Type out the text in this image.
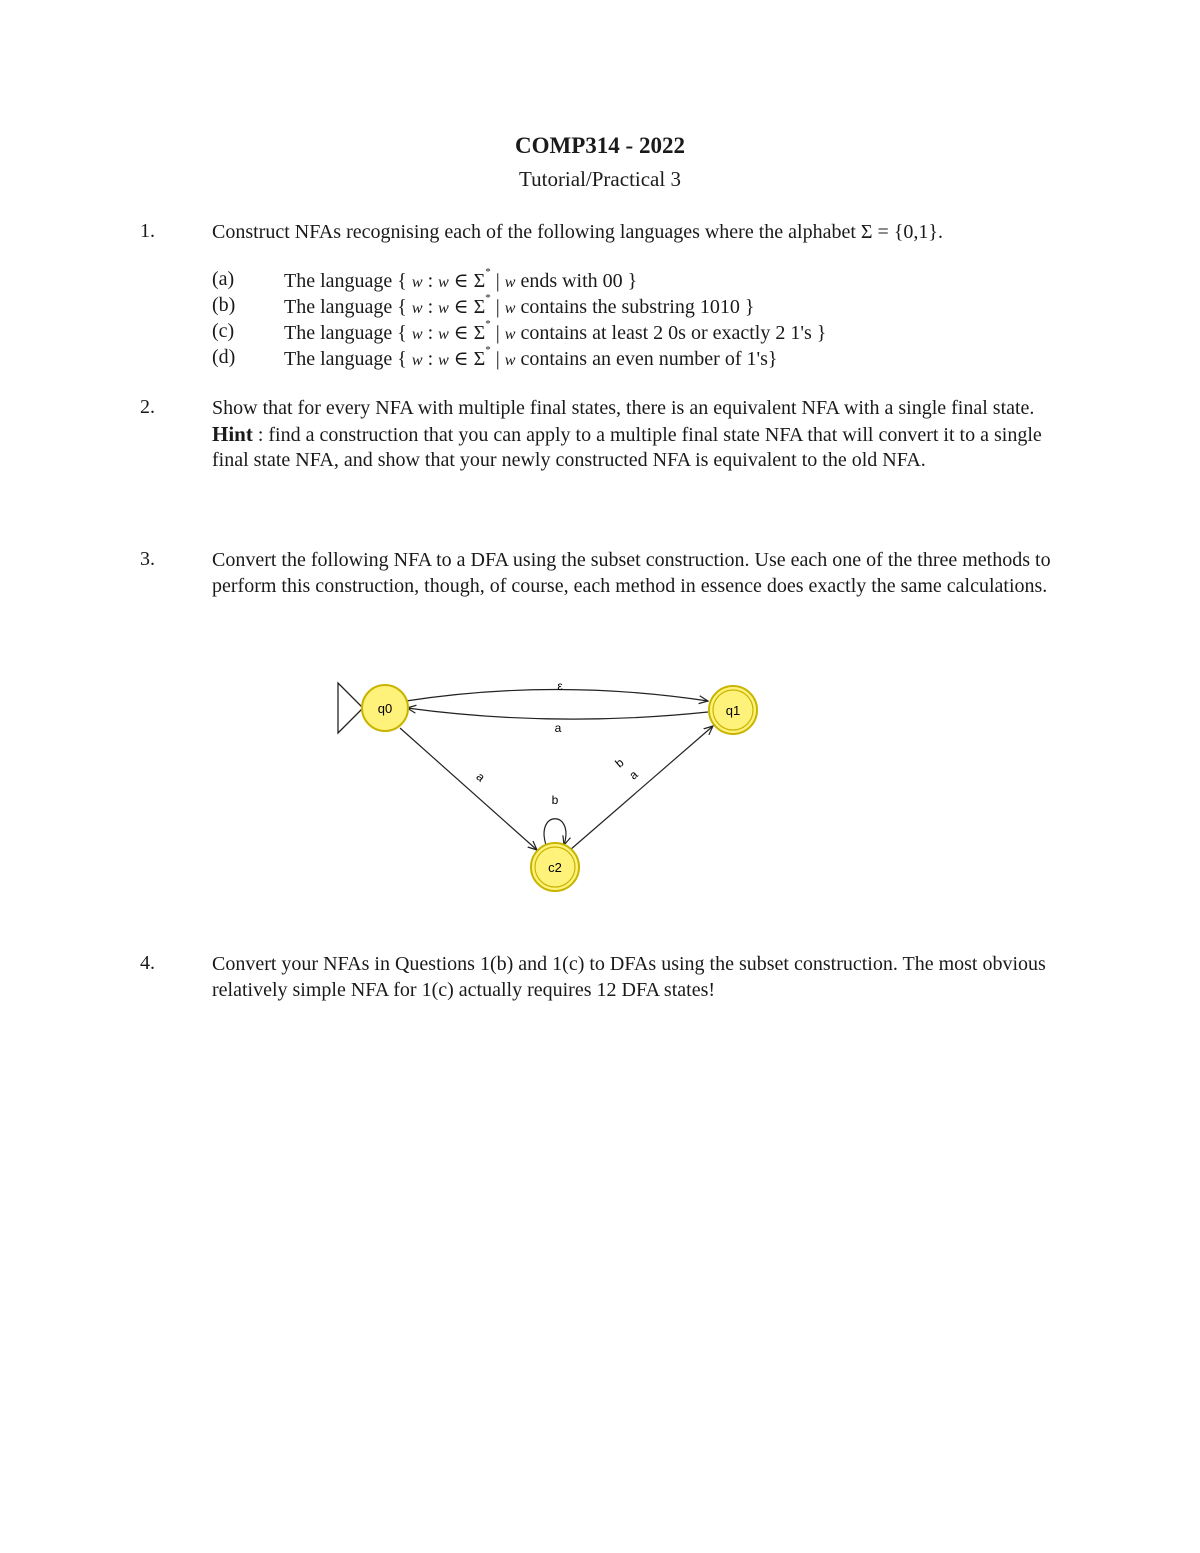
COMP314 - 2022
Tutorial/Practical 3
1.	Construct NFAs recognising each of the following languages where the alphabet Σ = {0,1}.
(a) The language { w : w ∈ Σ* | w ends with 00 }
(b) The language { w : w ∈ Σ* | w contains the substring 1010 }
(c) The language { w : w ∈ Σ* | w contains at least 2 0s or exactly 2 1's }
(d) The language { w : w ∈ Σ* | w contains an even number of 1's}
2.	Show that for every NFA with multiple final states, there is an equivalent NFA with a single final state.
Hint : find a construction that you can apply to a multiple final state NFA that will convert it to a single final state NFA, and show that your newly constructed NFA is equivalent to the old NFA.
3.	Convert the following NFA to a DFA using the subset construction. Use each one of the three methods to perform this construction, though, of course, each method in essence does exactly the same calculations.
ε
a
a
b
b
a
q0	q1
c2
4.	Convert your NFAs in Questions 1(b) and 1(c) to DFAs using the subset construction. The most obvious relatively simple NFA for 1(c) actually requires 12 DFA states!
